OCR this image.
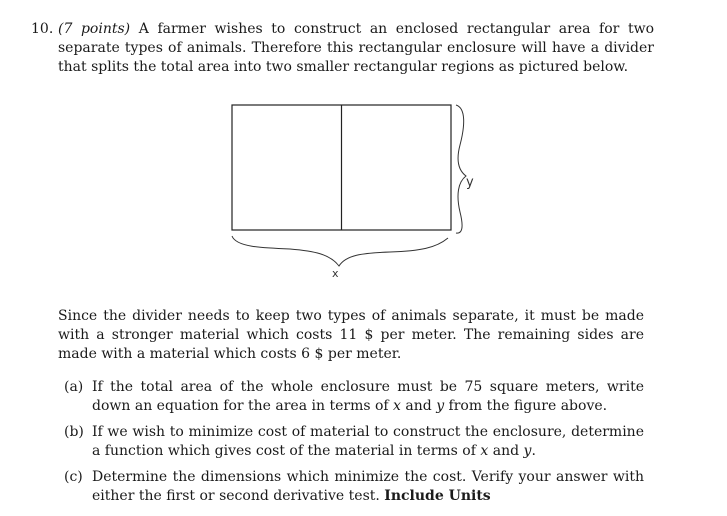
10. (7 points) A farmer wishes to construct an enclosed rectangular area for two separate types of animals. Therefore this rectangular enclosure will have a divider that splits the total area into two smaller rectangular regions as pictured below.
y
x
Since the divider needs to keep two types of animals separate, it must be made with a stronger material which costs 11 $ per meter. The remaining sides are made with a material which costs 6 $ per meter.
(a) If the total area of the whole enclosure must be 75 square meters, write down an equation for the area in terms of x and y from the figure above.
(b) If we wish to minimize cost of material to construct the enclosure, determine a function which gives cost of the material in terms of x and y.
(c) Determine the dimensions which minimize the cost. Verify your answer with either the first or second derivative test. Include Units
